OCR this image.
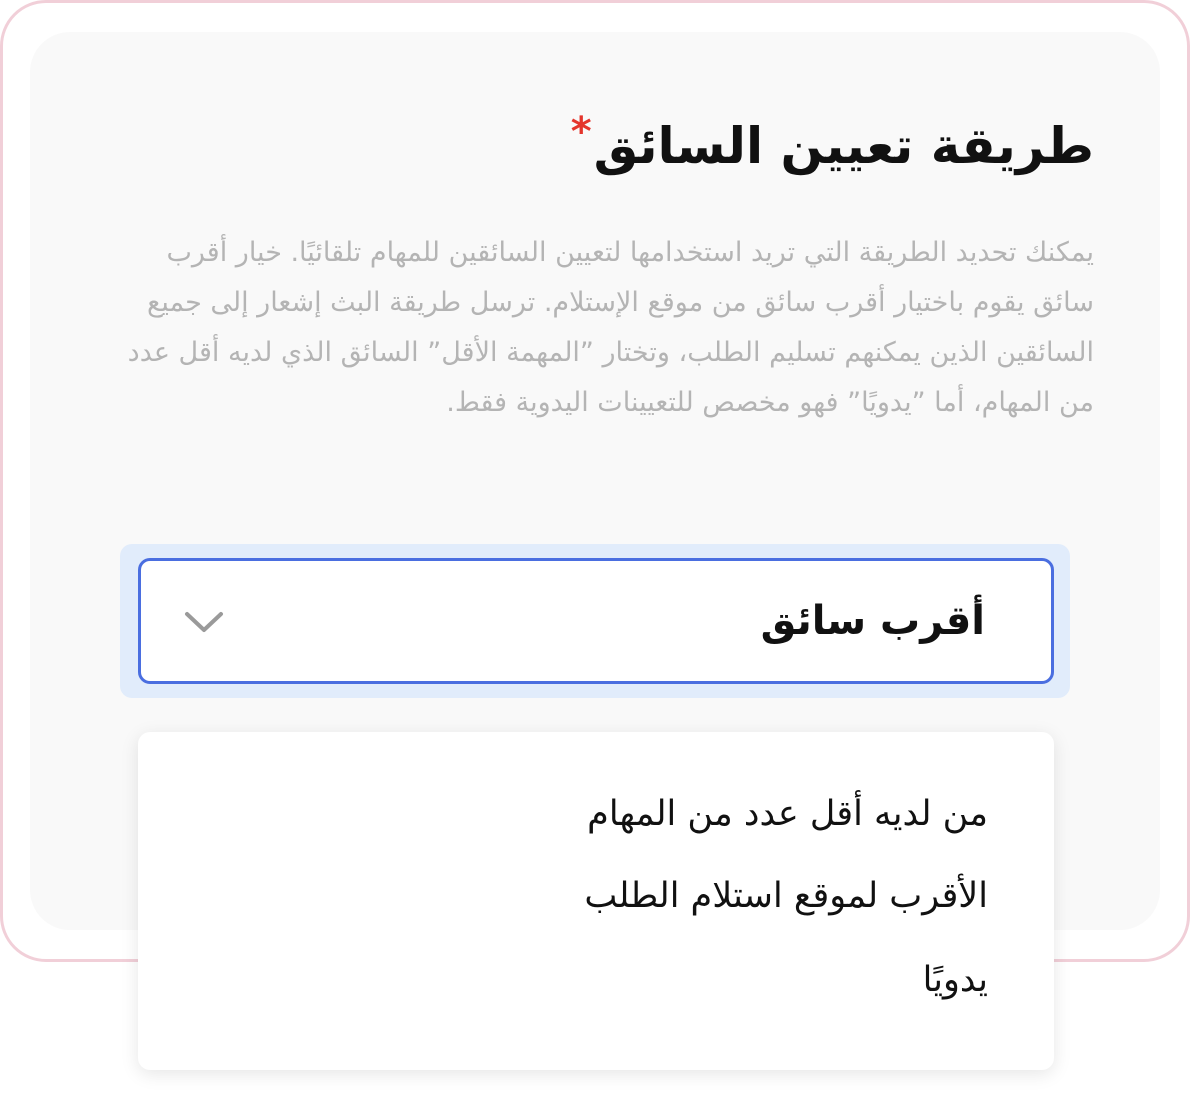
طريقة تعيين السائق*
يمكنك تحديد الطريقة التي تريد استخدامها لتعيين السائقين للمهام تلقائيًا. خيار أقرب سائق يقوم باختيار أقرب سائق من موقع الإستلام. ترسل طريقة البث إشعار إلى جميع السائقين الذين يمكنهم تسليم الطلب، وتختار ”المهمة الأقل” السائق الذي لديه أقل عدد من المهام، أما ”يدويًا” فهو مخصص للتعيينات اليدوية فقط.
أقرب سائق
من لديه أقل عدد من المهام
الأقرب لموقع استلام الطلب
يدويًا
